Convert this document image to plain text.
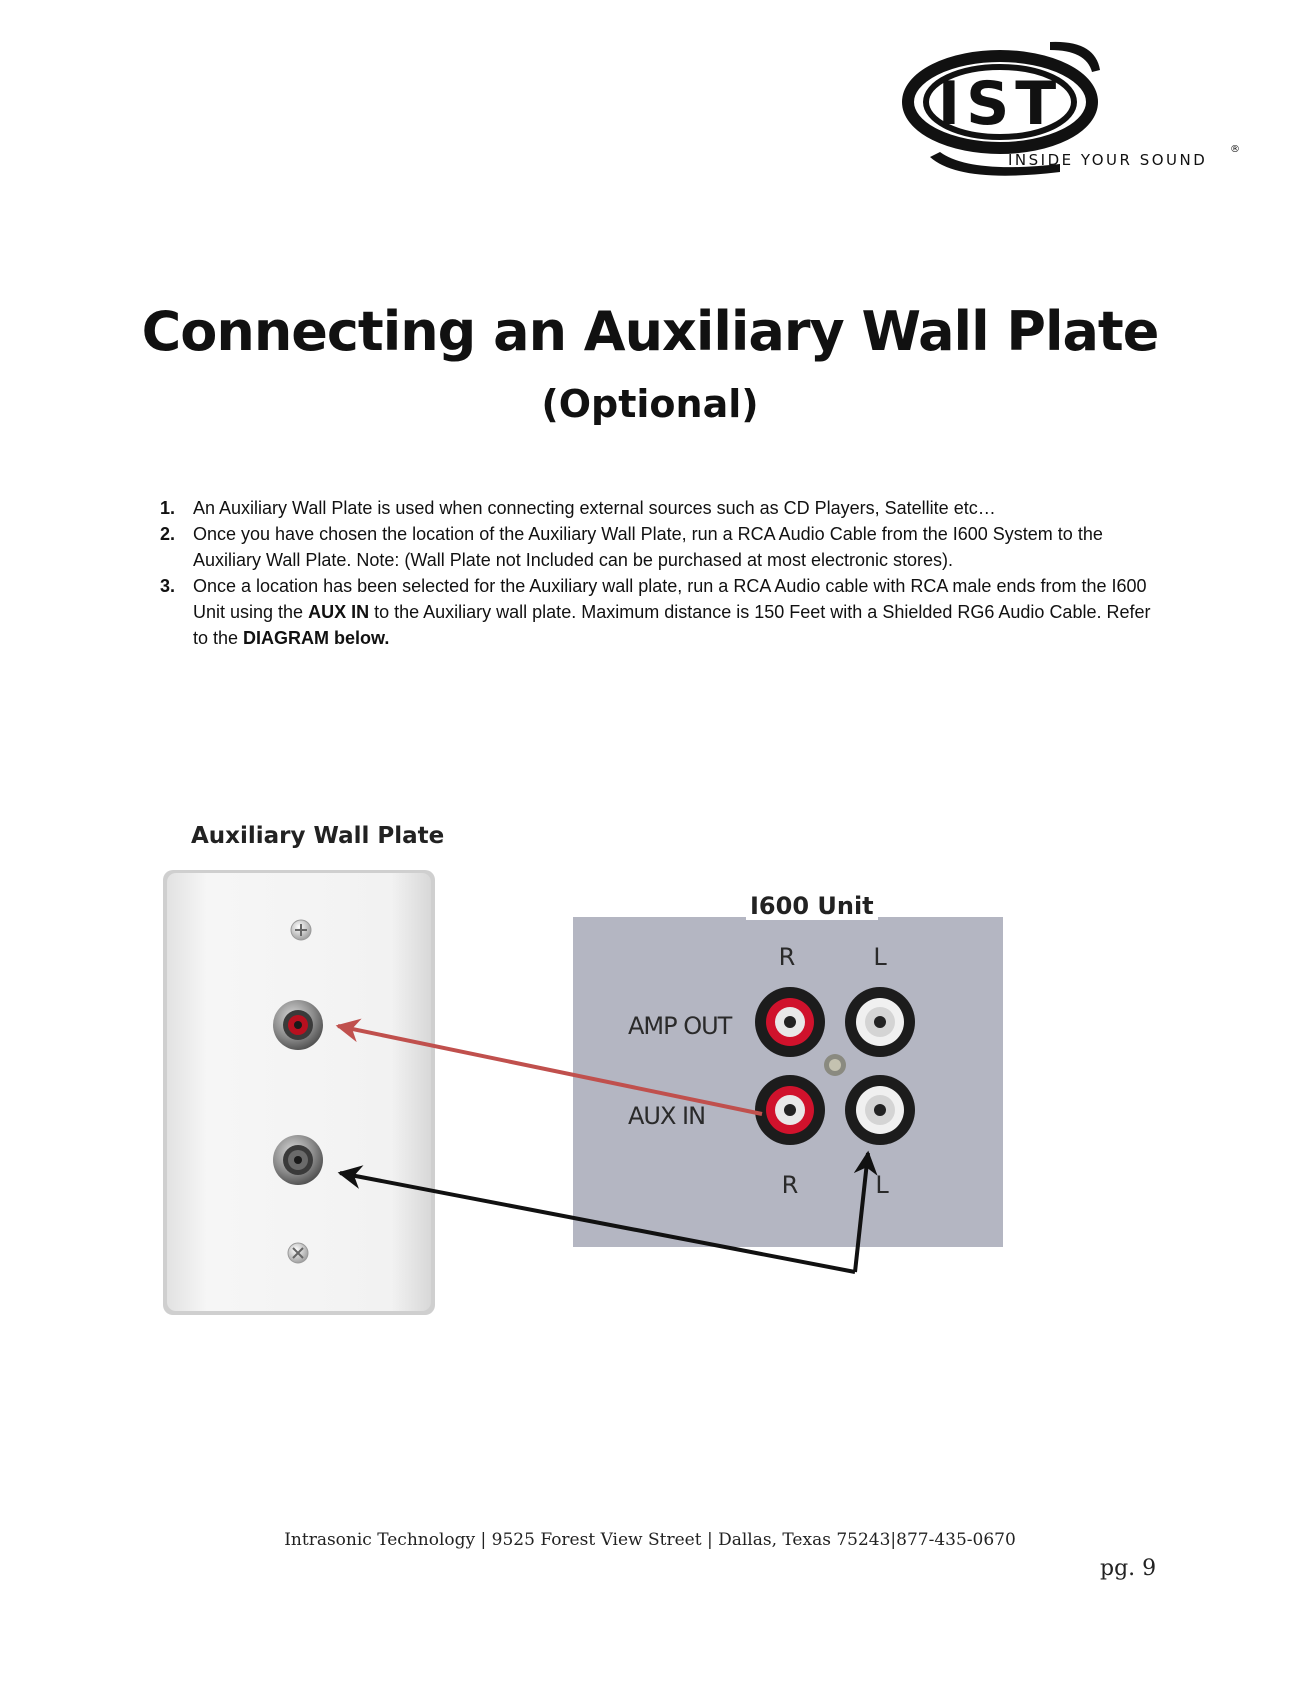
IST
INSIDE YOUR SOUND
®
Connecting an Auxiliary Wall Plate
(Optional)
1. An Auxiliary Wall Plate is used when connecting external sources such as CD Players, Satellite etc…
2. Once you have chosen the location of the Auxiliary Wall Plate, run a RCA Audio Cable from the I600 System to the Auxiliary Wall Plate. Note: (Wall Plate not Included can be purchased at most electronic stores).
3. Once a location has been selected for the Auxiliary wall plate, run a RCA Audio cable with RCA male ends from the I600 Unit using the AUX IN to the Auxiliary wall plate. Maximum distance is 150 Feet with a Shielded RG6 Audio Cable. Refer to the DIAGRAM below.
Auxiliary Wall Plate
R	L
AMP OUT
AUX IN
R	L
I600 Unit
Intrasonic Technology | 9525 Forest View Street | Dallas, Texas 75243|877-435-0670
pg. 9
